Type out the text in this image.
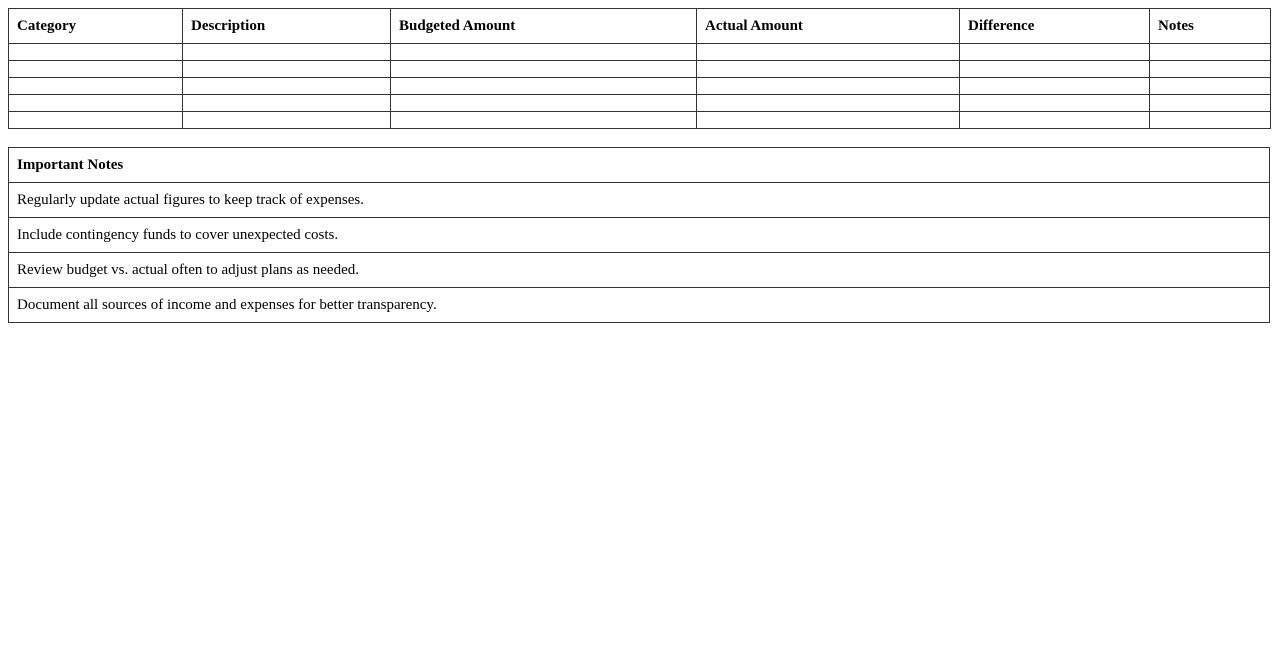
Category	Description	Budgeted Amount	Actual Amount	Difference	Notes

Important Notes
Regularly update actual figures to keep track of expenses.
Include contingency funds to cover unexpected costs.
Review budget vs. actual often to adjust plans as needed.
Document all sources of income and expenses for better transparency.
